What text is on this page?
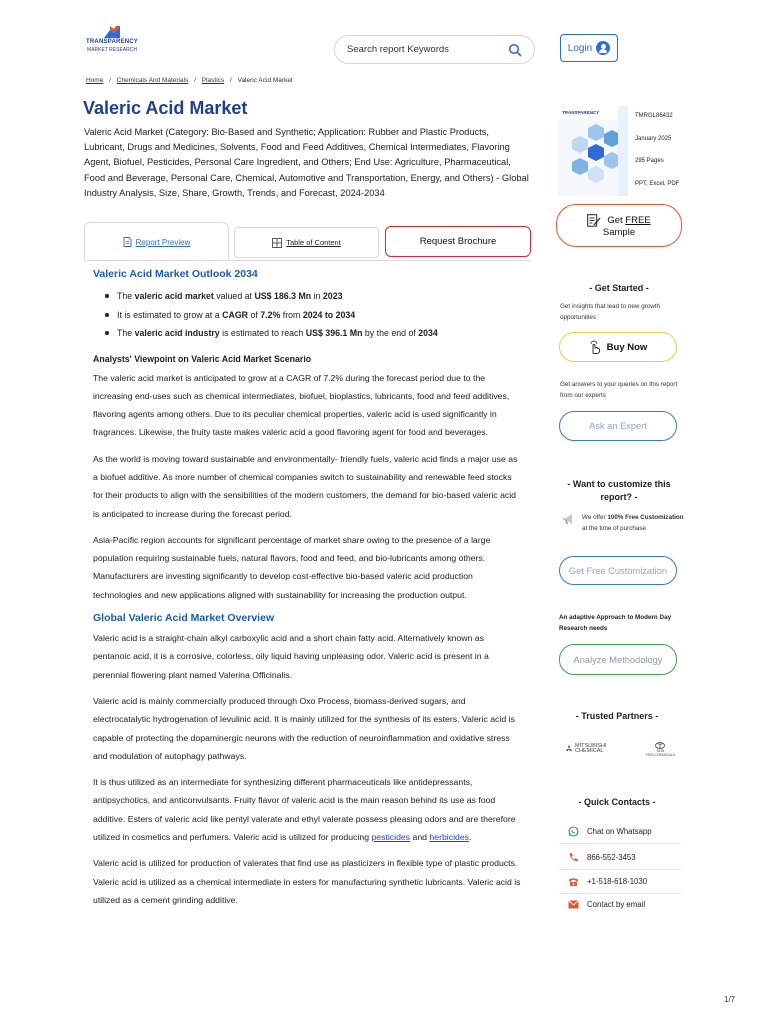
TRANSPARENCY
MARKET RESEARCH
Search report Keywords	Login
Home / Chemicals And Materials / Plastics / Valeric Acid Market
Valeric Acid Market

Valeric Acid Market (Category: Bio-Based and Synthetic; Application: Rubber and Plastic Products, Lubricant, Drugs and Medicines, Solvents, Food and Feed Additives, Chemical Intermediates, Flavoring Agent, Biofuel, Pesticides, Personal Care Ingredient, and Others; End Use: Agriculture, Pharmaceutical, Food and Beverage, Personal Care, Chemical, Automotive and Transportation, Energy, and Others) - Global Industry Analysis, Size, Share, Growth, Trends, and Forecast, 2024-2034

Report Preview	Table of Content	Request Brochure
Valeric Acid Market Outlook 2034
The valeric acid market valued at US$ 186.3 Mn in 2023
It is estimated to grow at a CAGR of 7.2% from 2024 to 2034
The valeric acid industry is estimated to reach US$ 396.1 Mn by the end of 2034
Analysts' Viewpoint on Valeric Acid Market Scenario

The valeric acid market is anticipated to grow at a CAGR of 7.2% during the forecast period due to the increasing end-uses such as chemical intermediates, biofuel, bioplastics, lubricants, food and feed additives, flavoring agents among others. Due to its peculiar chemical properties, valeric acid is used significantly in fragrances. Likewise, the fruity taste makes valeric acid a good flavoring agent for food and beverages.

As the world is moving toward sustainable and environmentally- friendly fuels, valeric acid finds a major use as a biofuel additive. As more number of chemical companies switch to sustainability and renewable feed stocks for their products to align with the sensibilities of the modern customers, the demand for bio-based valeric acid is anticipated to increase during the forecast period.

Asia-Pacific region accounts for significant percentage of market share owing to the presence of a large population requiring sustainable fuels, natural flavors, food and feed, and bio-lubricants among others. Manufacturers are investing significantly to develop cost-effective bio-based valeric acid production technologies and new applications aligned with sustainability for increasing the production output.

Global Valeric Acid Market Overview

Valeric acid is a straight-chain alkyl carboxylic acid and a short chain fatty acid. Alternatively known as pentanoic acid, it is a corrosive, colorless, oily liquid having unpleasing odor. Valeric acid is present in a perennial flowering plant named Valerina Officinalis.

Valeric acid is mainly commercially produced through Oxo Process, biomass-derived sugars, and electrocatalytic hydrogenation of levulinic acid. It is mainly utilized for the synthesis of its esters. Valeric acid is capable of protecting the dopaminergic neurons with the reduction of neuroinflammation and oxidative stress and modulation of autophagy pathways.

It is thus utilized as an intermediate for synthesizing different pharmaceuticals like antidepressants, antipsychotics, and anticonvulsants. Fruity flavor of valeric acid is the main reason behind its use as food additive. Esters of valeric acid like pentyl valerate and ethyl valerate possess pleasing odors and are therefore utilized in cosmetics and perfumers. Valeric acid is utilized for producing pesticides and herbicides.

Valeric acid is utilized for production of valerates that find use as plasticizers in flexible type of plastic products. Valeric acid is utilized as a chemical intermediate in esters for manufacturing synthetic lubricants. Valeric acid is utilized as a cement grinding additive.

TRANSPARENCY
TMRGL86432
January 2025
295 Pages
PPT, Excel, PDF
Get FREE
Sample
- Get Started -
Get insights that lead to new growth opportunities
Buy Now
Get answers to your queries on this report from our experts
Ask an Expert
- Want to customize this report? -
We offer 100% Free Customization at the time of purchase
Get Free Customization
An adaptive Approach to Modern Day Research needs
Analyze Methodology
- Trusted Partners -
MITSUBISHI CHEMICAL	TATA
TATA CHEMICALS
- Quick Contacts -
Chat on Whatsapp
866-552-3453
+1-518-618-1030
Contact by email
1/7
